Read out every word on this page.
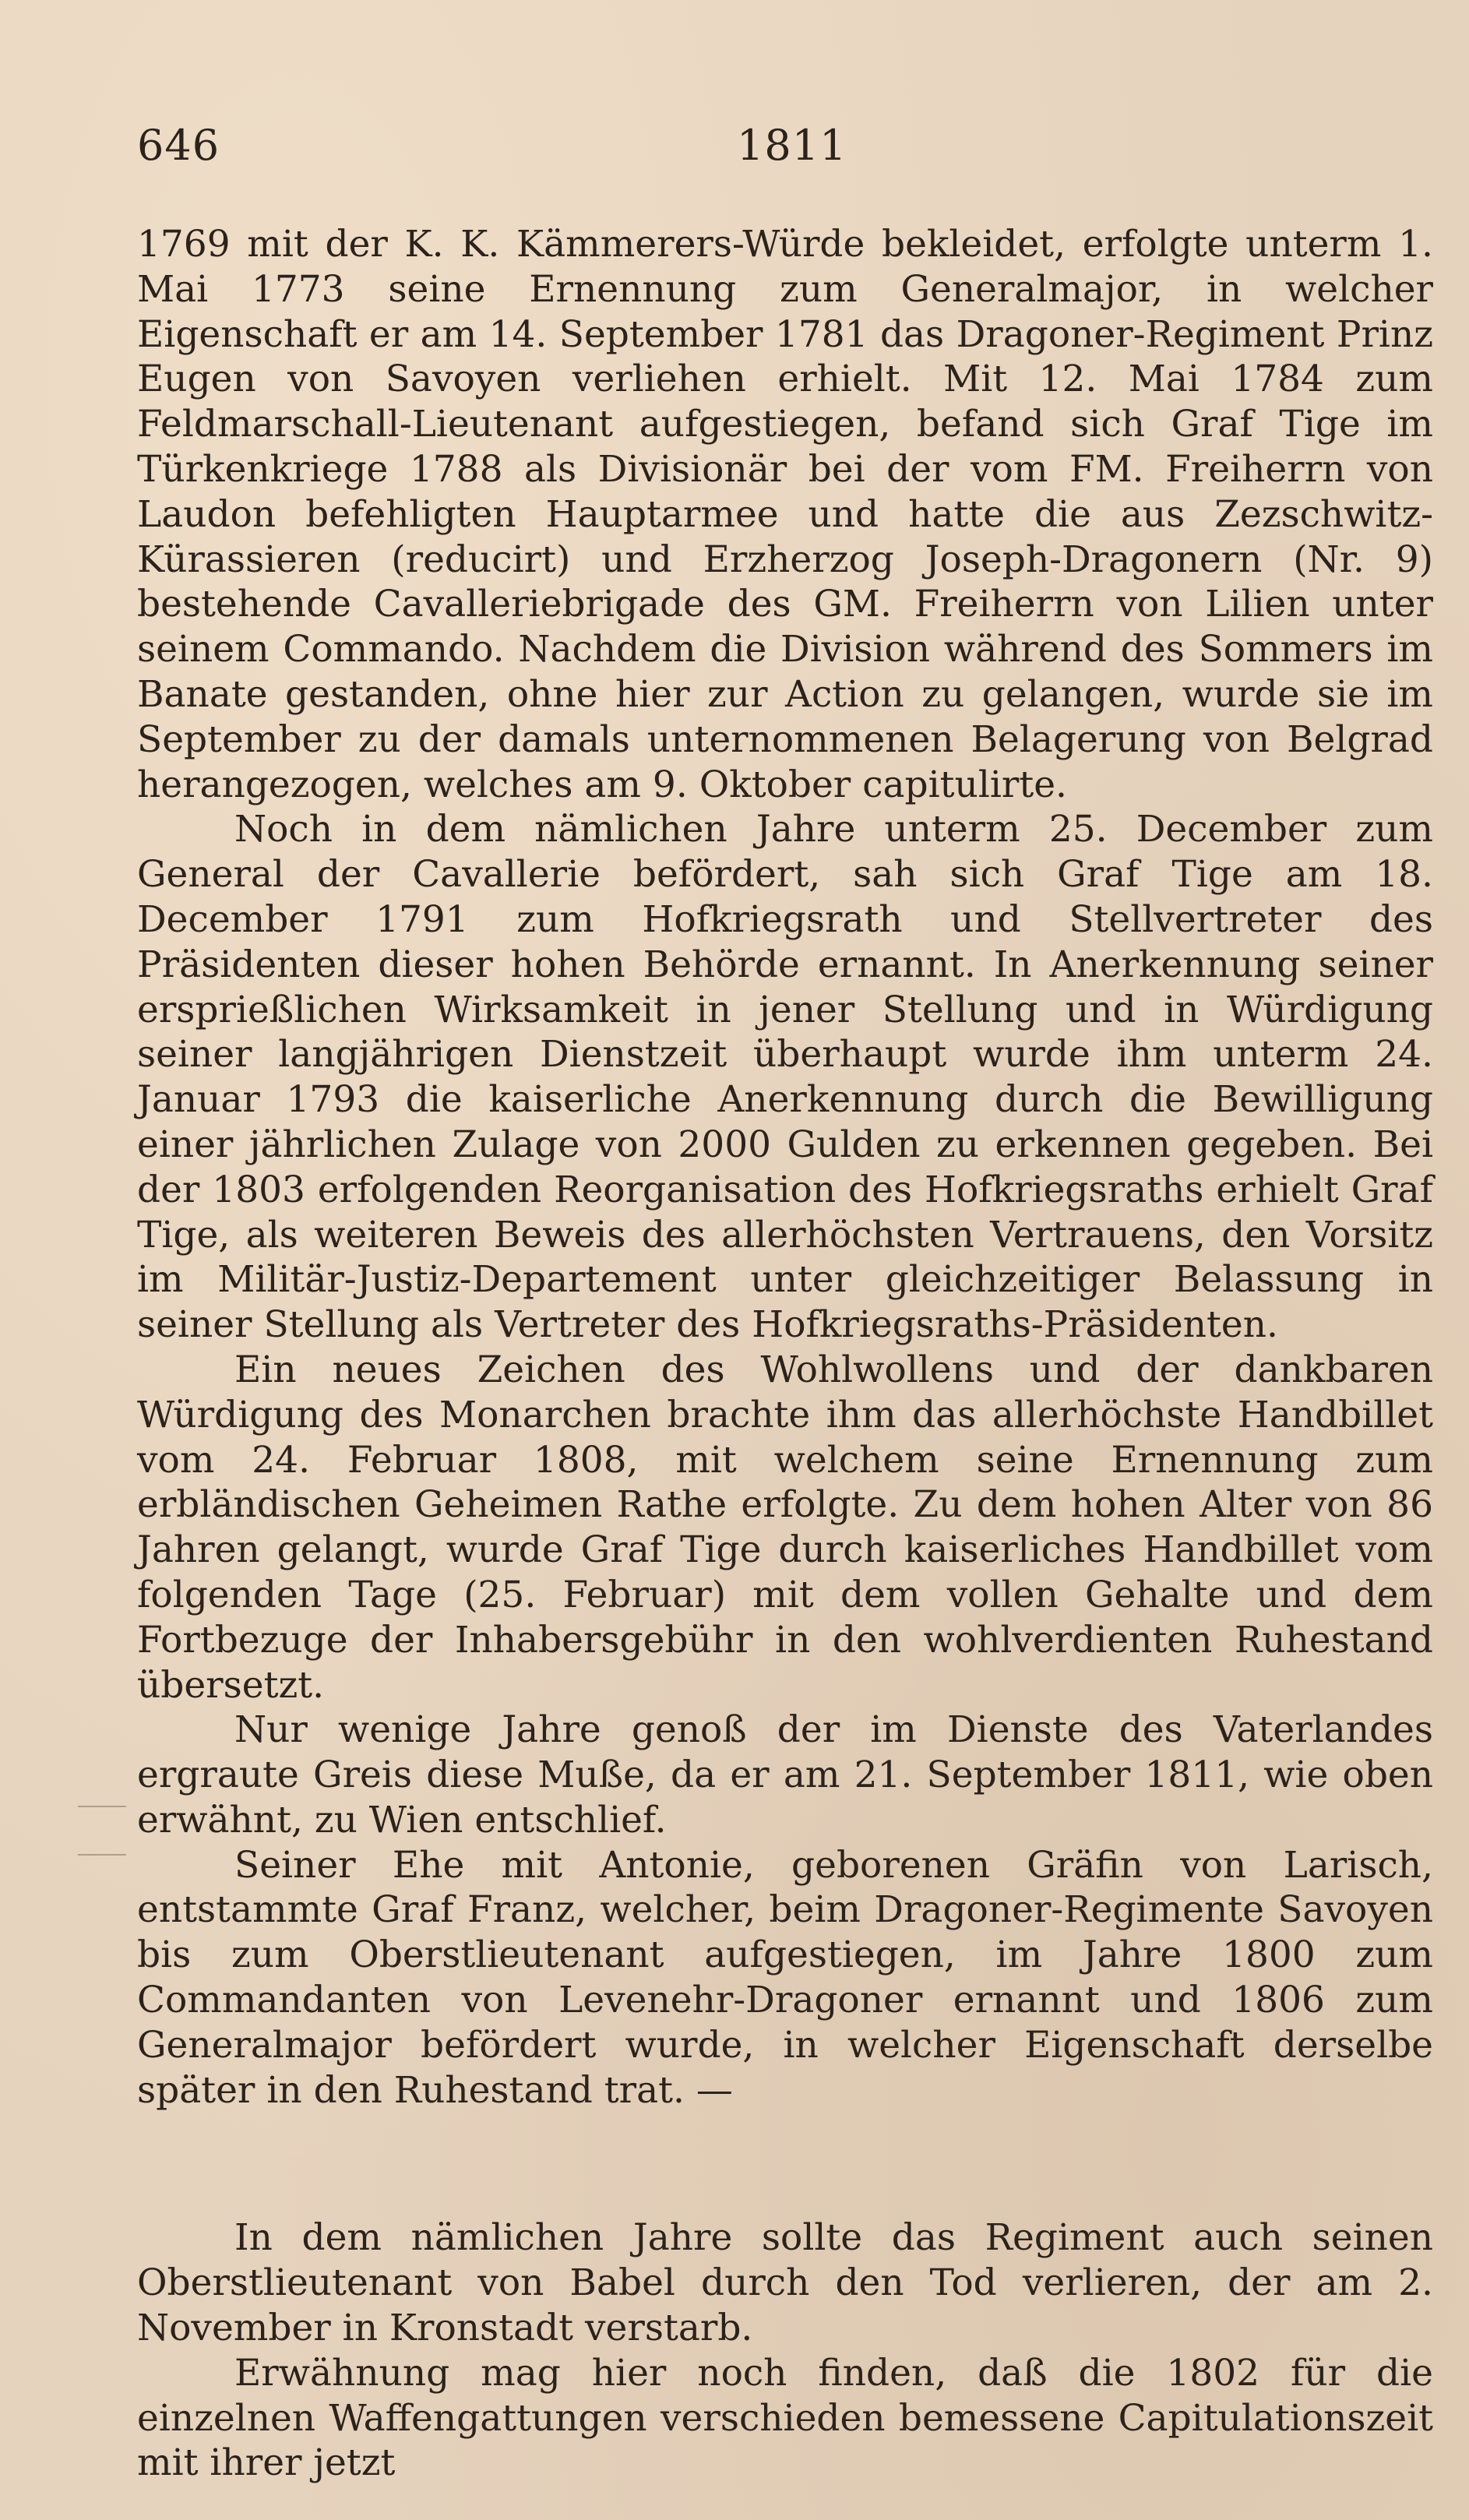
646	1811

1769 mit der K. K. Kämmerers-Würde bekleidet, erfolgte unterm 1. Mai 1773 seine Ernennung zum Generalmajor, in welcher Eigenschaft er am 14. September 1781 das Dragoner-Regiment Prinz Eugen von Savoyen verliehen erhielt. Mit 12. Mai 1784 zum Feldmarschall-Lieutenant aufgestiegen, befand sich Graf Tige im Türkenkriege 1788 als Divisionär bei der vom FM. Freiherrn von Laudon befehligten Hauptarmee und hatte die aus Zezschwitz-Kürassieren (reducirt) und Erzherzog Joseph-Dragonern (Nr. 9) bestehende Cavalleriebrigade des GM. Freiherrn von Lilien unter seinem Commando. Nachdem die Division während des Sommers im Banate gestanden, ohne hier zur Action zu gelangen, wurde sie im September zu der damals unternommenen Belagerung von Belgrad herangezogen, welches am 9. Oktober capitulirte.

Noch in dem nämlichen Jahre unterm 25. December zum General der Cavallerie befördert, sah sich Graf Tige am 18. December 1791 zum Hofkriegsrath und Stellvertreter des Präsidenten dieser hohen Behörde ernannt. In Anerkennung seiner ersprießlichen Wirksamkeit in jener Stellung und in Würdigung seiner langjährigen Dienstzeit überhaupt wurde ihm unterm 24. Januar 1793 die kaiserliche Anerkennung durch die Bewilligung einer jährlichen Zulage von 2000 Gulden zu erkennen gegeben. Bei der 1803 erfolgenden Reorganisation des Hofkriegsraths erhielt Graf Tige, als weiteren Beweis des allerhöchsten Vertrauens, den Vorsitz im Militär-Justiz-Departement unter gleichzeitiger Belassung in seiner Stellung als Vertreter des Hofkriegsraths-Präsidenten.

Ein neues Zeichen des Wohlwollens und der dankbaren Würdigung des Monarchen brachte ihm das allerhöchste Handbillet vom 24. Februar 1808, mit welchem seine Ernennung zum erbländischen Geheimen Rathe erfolgte. Zu dem hohen Alter von 86 Jahren gelangt, wurde Graf Tige durch kaiserliches Handbillet vom folgenden Tage (25. Februar) mit dem vollen Gehalte und dem Fortbezuge der Inhabersgebühr in den wohlverdienten Ruhestand übersetzt.

Nur wenige Jahre genoß der im Dienste des Vaterlandes ergraute Greis diese Muße, da er am 21. September 1811, wie oben erwähnt, zu Wien entschlief.

Seiner Ehe mit Antonie, geborenen Gräfin von Larisch, entstammte Graf Franz, welcher, beim Dragoner-Regimente Savoyen bis zum Oberstlieutenant aufgestiegen, im Jahre 1800 zum Commandanten von Levenehr-Dragoner ernannt und 1806 zum Generalmajor befördert wurde, in welcher Eigenschaft derselbe später in den Ruhestand trat. —

In dem nämlichen Jahre sollte das Regiment auch seinen Oberstlieutenant von Babel durch den Tod verlieren, der am 2. November in Kronstadt verstarb.

Erwähnung mag hier noch finden, daß die 1802 für die einzelnen Waffengattungen verschieden bemessene Capitulationszeit mit ihrer jetzt
